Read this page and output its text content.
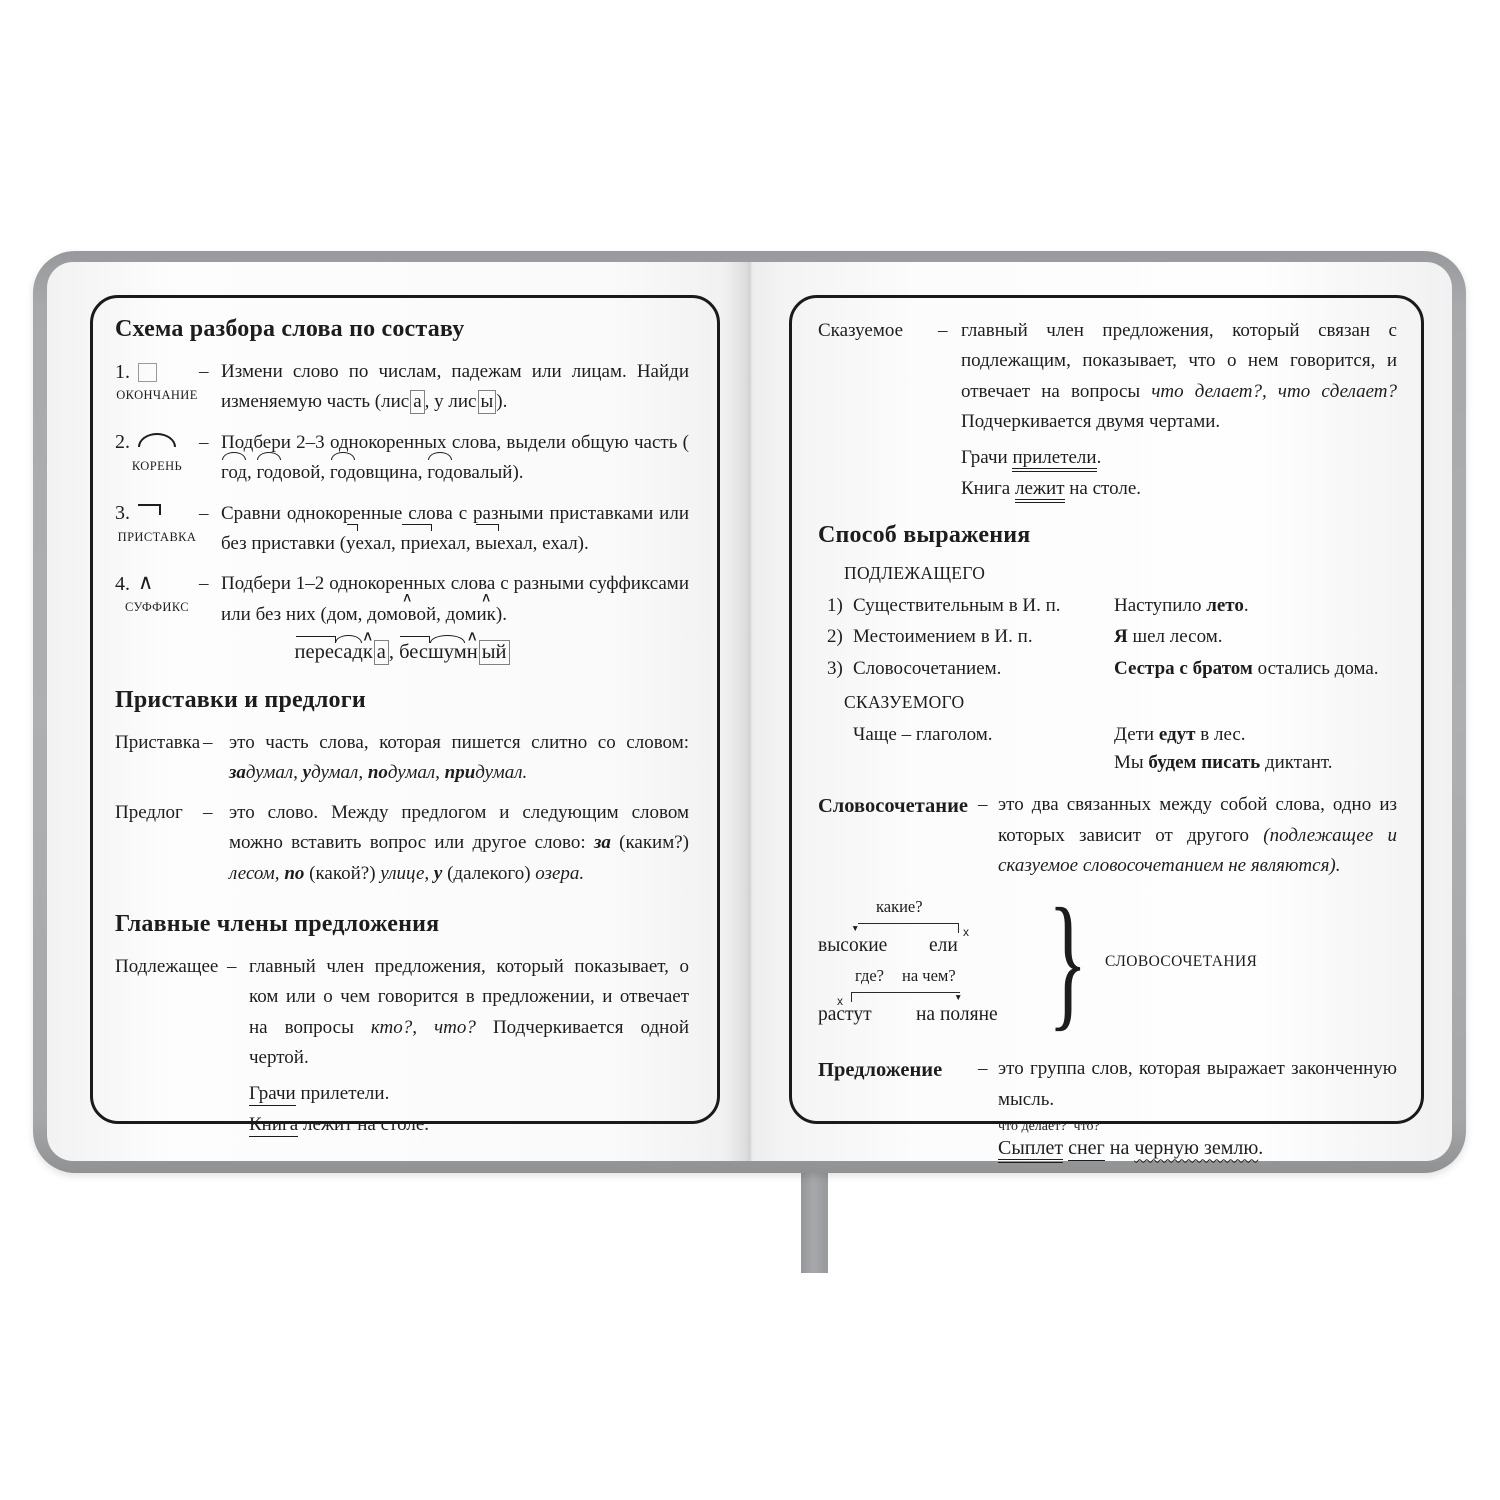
Схема разбора слова по составу
1.
ОКОНЧАНИЕ
– Измени слово по числам, падежам или лицам. Найди изменяемую часть (лис а , у лис ы ).
2.
КОРЕНЬ
– Подбери 2–3 однокоренных слова, выдели общую часть (год, годовой, годовщина, годовалый).
3.
ПРИСТАВКА
– Сравни однокоренные слова с разными приставками или без приставки (уехал, приехал, выехал, ехал).
4.
∧
СУФФИКС
– Подбери 1–2 однокоренных слова с разными суффиксами или без них (дом, дом∧ овой, дом∧ ик).
пересад∧ к а , бесшум∧ н ый
Приставки и предлоги
Приставка – это часть слова, которая пишется слитно со словом: задумал, удумал, подумал, придумал.
Предлог	– это слово. Между предлогом и следующим словом можно вставить вопрос или другое слово: за (каким?) лесом, по (какой?) улице, у (далекого) озера.
Главные члены предложения
Подлежащее – главный член предложения, который показывает, о ком или о чем говорится в предложении, и отвечает на вопросы кто?, что? Подчеркивается одной чертой.
Грачи прилетели.
Книга лежит на столе.
Сказуемое	– главный член предложения, который связан с подлежащим, показывает, что о нем говорится, и отвечает на вопросы что делает?, что сделает? Подчеркивается двумя чертами.
Грачи прилетели.
Книга лежит на столе.
Способ выражения
ПОДЛЕЖАЩЕГО
1) Существительным в И. п.	Наступило лето.
2) Местоимением в И. п.	Я шел лесом.
3) Словосочетанием.	Сестра с братом остались дома.
СКАЗУЕМОГО
Чаще – глаголом.	Дети едут в лес.
Мы будем писать диктант.
Словосочетание – это два связанных между собой слова, одно из которых зависит от другого (подлежащее и сказуемое словосочетанием не являются).
какие?
▼
x
высокие ели
где? на чем?
x
▼
растут на поляне
}
СЛОВОСОЧЕТАНИЯ
Предложение	– это группа слов, которая выражает законченную мысль.
что делает?  что?
Сыплет снег на черную землю.
